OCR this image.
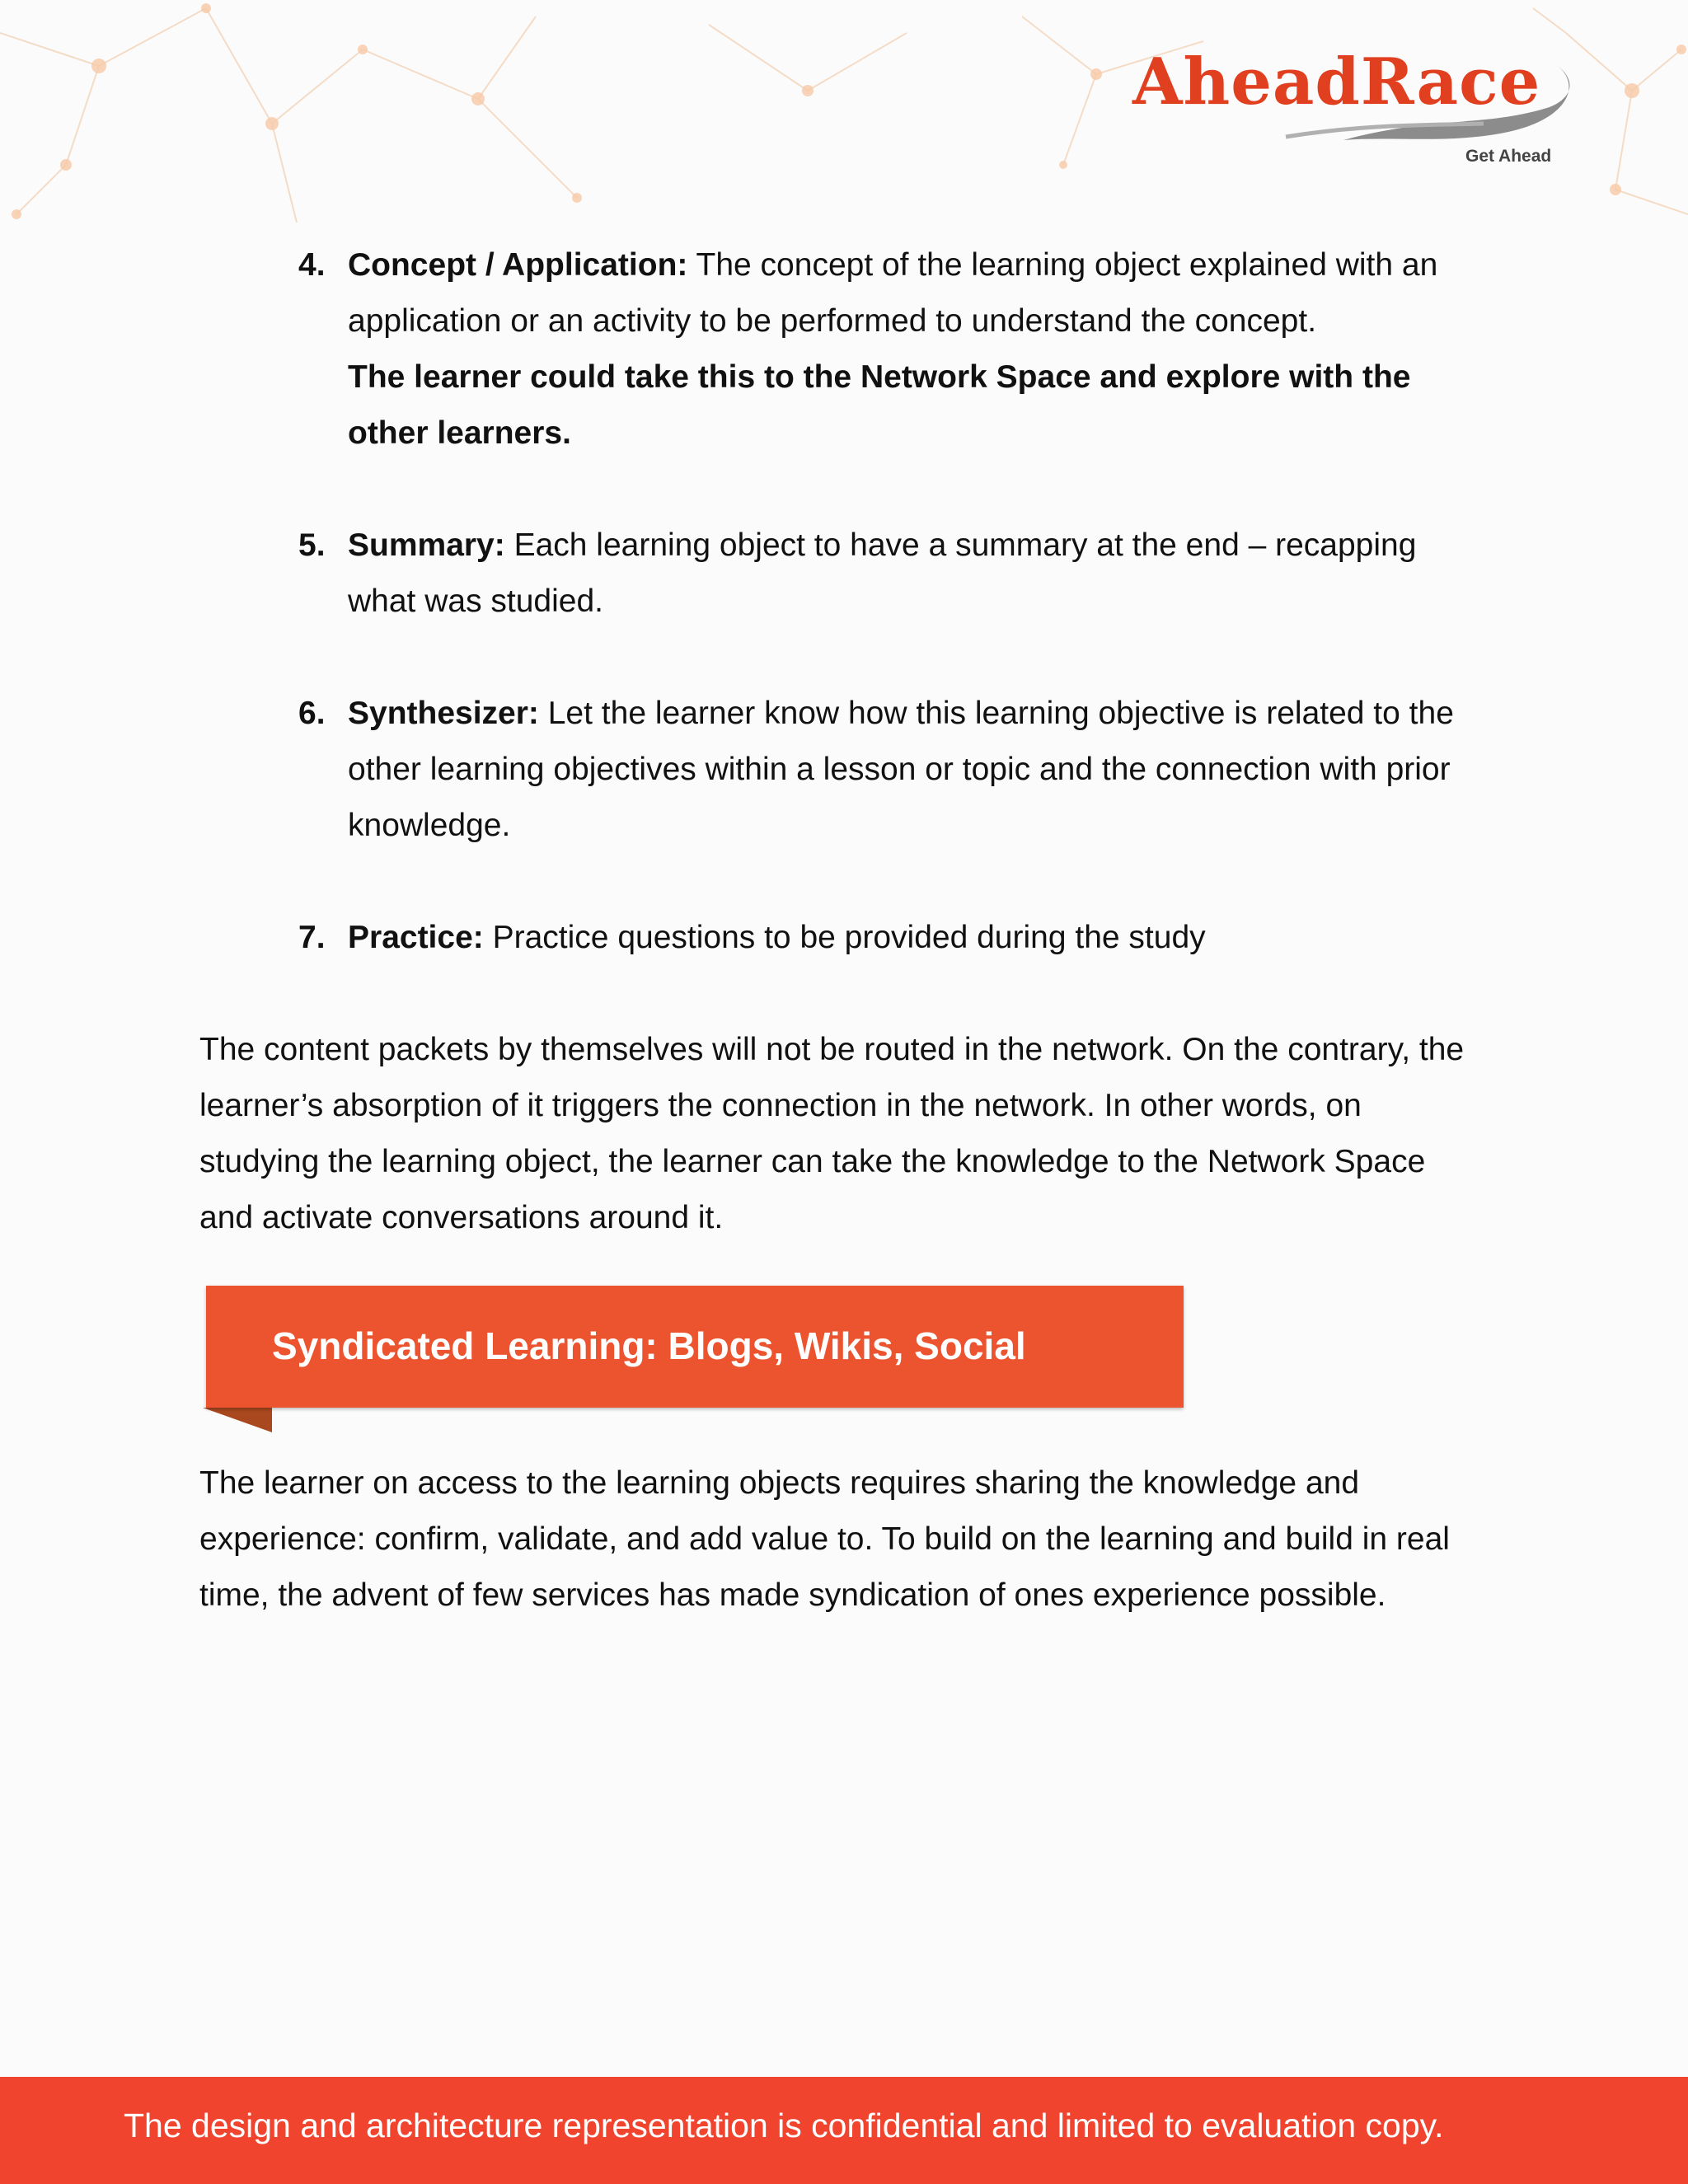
AheadRace
Get Ahead
4. Concept / Application: The concept of the learning object explained with an application or an activity to be performed to understand the concept.
The learner could take this to the Network Space and explore with the other learners.
5. Summary: Each learning object to have a summary at the end – recapping what was studied.
6. Synthesizer: Let the learner know how this learning objective is related to the other learning objectives within a lesson or topic and the connection with prior knowledge.
7. Practice: Practice questions to be provided during the study

The content packets by themselves will not be routed in the network. On the contrary, the learner’s absorption of it triggers the connection in the network. In other words, on studying the learning object, the learner can take the knowledge to the Network Space and activate conversations around it.

Syndicated Learning: Blogs, Wikis, Social

The learner on access to the learning objects requires sharing the knowledge and experience: confirm, validate, and add value to. To build on the learning and build in real time, the advent of few services has made syndication of ones experience possible.

The design and architecture representation is confidential and limited to evaluation copy.
